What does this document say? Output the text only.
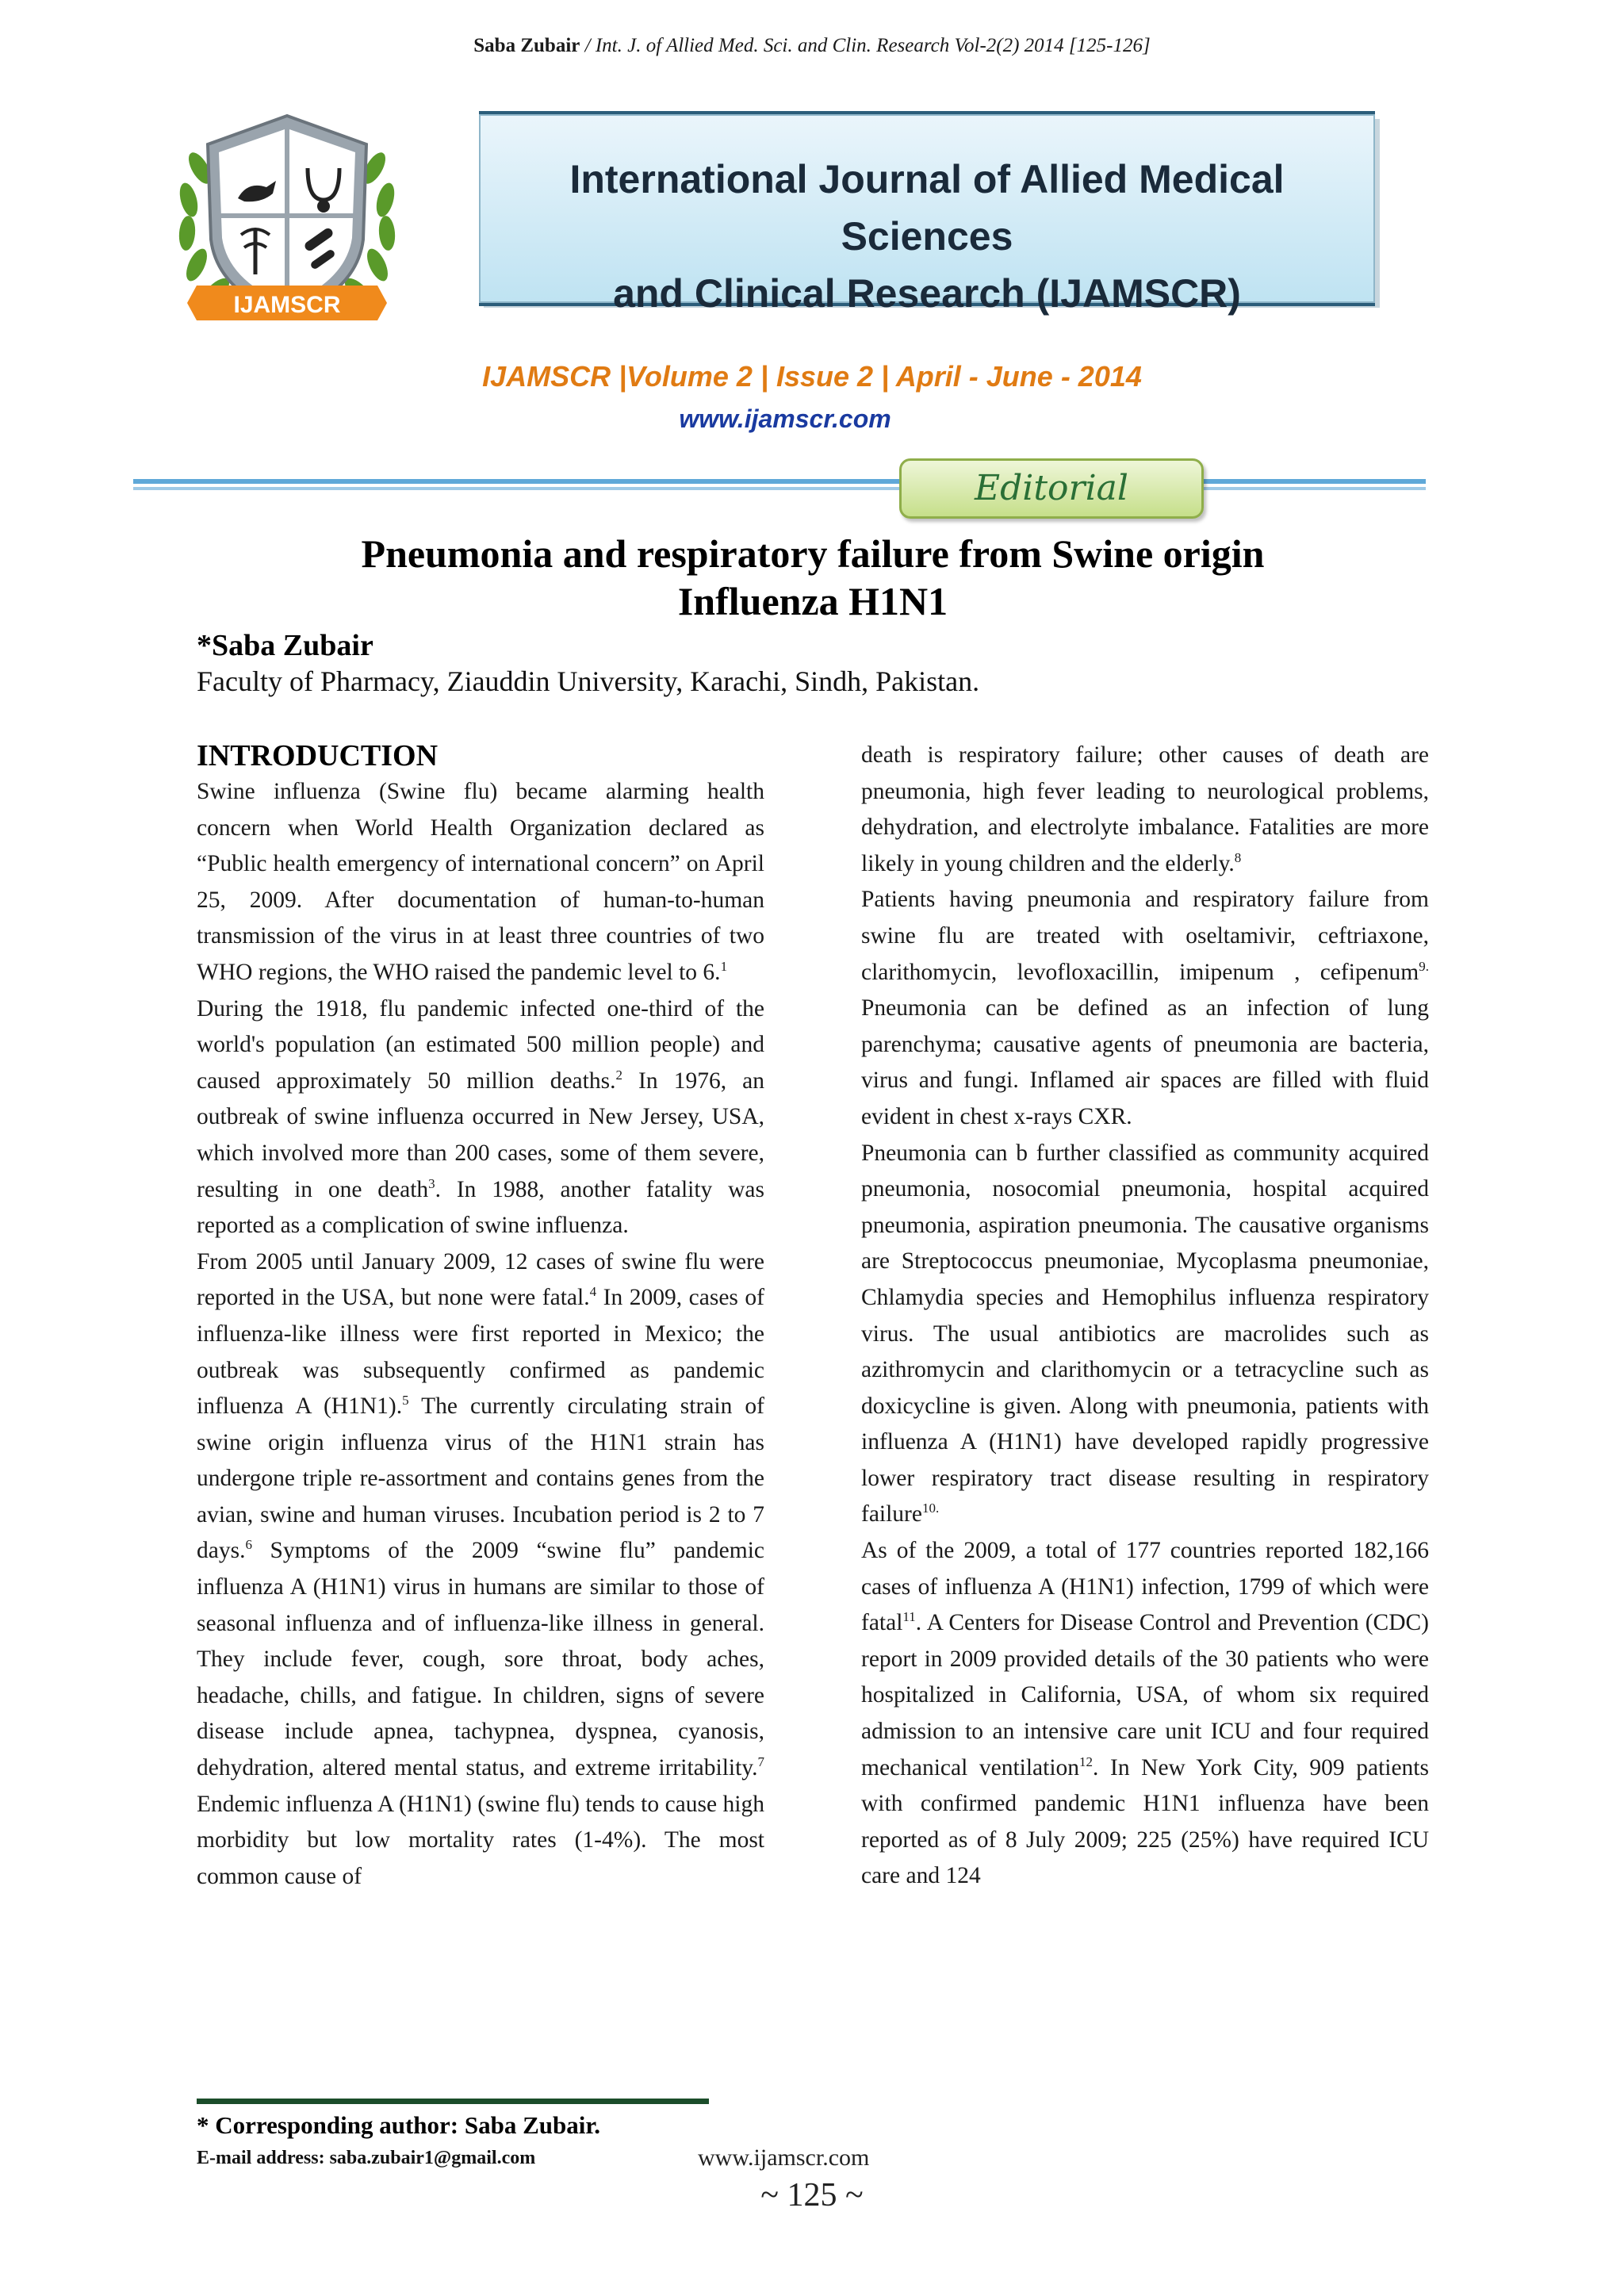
Saba Zubair / Int. J. of Allied Med. Sci. and Clin. Research Vol-2(2) 2014 [125-126]
IJAMSCR
International Journal of Allied Medical Sciences
and Clinical Research (IJAMSCR)
IJAMSCR |Volume 2 | Issue 2 | April - June - 2014
www.ijamscr.com
Editorial
Pneumonia and respiratory failure from Swine origin
Influenza H1N1
*Saba Zubair
Faculty of Pharmacy, Ziauddin University, Karachi, Sindh, Pakistan.
INTRODUCTION

Swine influenza (Swine flu) became alarming health concern when World Health Organization declared as “Public health emergency of international concern” on April 25, 2009. After documentation of human-to-human transmission of the virus in at least three countries of two WHO regions, the WHO raised the pandemic level to 6.$^1$

During the 1918, flu pandemic infected one-third of the world's population (an estimated 500 million people) and caused approximately 50 million deaths.$^2$ In 1976, an outbreak of swine influenza occurred in New Jersey, USA, which involved more than 200 cases, some of them severe, resulting in one death$^3$. In 1988, another fatality was reported as a complication of swine influenza.

From 2005 until January 2009, 12 cases of swine flu were reported in the USA, but none were fatal.$^4$ In 2009, cases of influenza-like illness were first reported in Mexico; the outbreak was subsequently confirmed as pandemic influenza A (H1N1).$^5$ The currently circulating strain of swine origin influenza virus of the H1N1 strain has undergone triple re-assortment and contains genes from the avian, swine and human viruses. Incubation period is 2 to 7 days.$^6$ Symptoms of the 2009 “swine flu” pandemic influenza A (H1N1) virus in humans are similar to those of seasonal influenza and of influenza-like illness in general. They include fever, cough, sore throat, body aches, headache, chills, and fatigue. In children, signs of severe disease include apnea, tachypnea, dyspnea, cyanosis, dehydration, altered mental status, and extreme irritability.$^7$ Endemic influenza A (H1N1) (swine flu) tends to cause high morbidity but low mortality rates (1-4%). The most common cause of

death is respiratory failure; other causes of death are pneumonia, high fever leading to neurological problems, dehydration, and electrolyte imbalance. Fatalities are more likely in young children and the elderly.$^8$

Patients having pneumonia and respiratory failure from swine flu are treated with oseltamivir, ceftriaxone, clarithomycin, levofloxacillin, imipenum , cefipenum$^{9.}$ Pneumonia can be defined as an infection of lung parenchyma; causative agents of pneumonia are bacteria, virus and fungi. Inflamed air spaces are filled with fluid evident in chest x-rays CXR.

Pneumonia can b further classified as community acquired pneumonia, nosocomial pneumonia, hospital acquired pneumonia, aspiration pneumonia. The causative organisms are Streptococcus pneumoniae, Mycoplasma pneumoniae, Chlamydia species and Hemophilus influenza respiratory virus. The usual antibiotics are macrolides such as azithromycin and clarithomycin or a tetracycline such as doxicycline is given. Along with pneumonia, patients with influenza A (H1N1) have developed rapidly progressive lower respiratory tract disease resulting in respiratory failure$^{10.}$

As of the 2009, a total of 177 countries reported 182,166 cases of influenza A (H1N1) infection, 1799 of which were fatal$^{11}$. A Centers for Disease Control and Prevention (CDC) report in 2009 provided details of the 30 patients who were hospitalized in California, USA, of whom six required admission to an intensive care unit ICU and four required mechanical ventilation$^{12}$. In New York City, 909 patients with confirmed pandemic H1N1 influenza have been reported as of 8 July 2009; 225 (25%) have required ICU care and 124

* Corresponding author: Saba Zubair.
E-mail address: saba.zubair1@gmail.com	www.ijamscr.com
~ 125 ~
